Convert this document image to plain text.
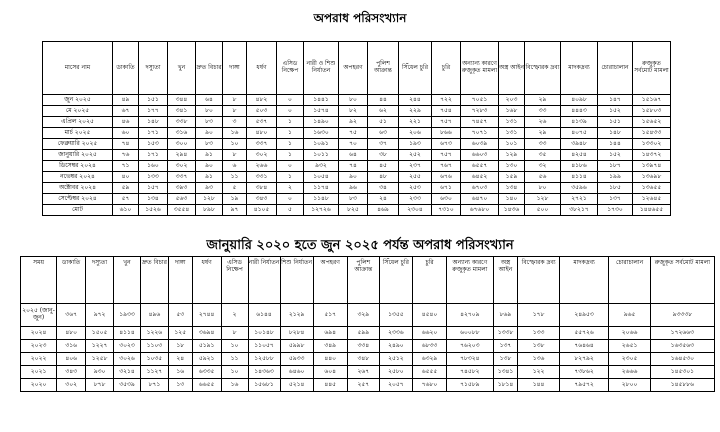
অপরাধ পরিসংখ্যান
মাসের নাম	ডাকাতি	দস্যুতা	খুন	দ্রুত বিচার	দাঙ্গা	ধর্ষণ	এসিড নিক্ষেপ	নারী ও শিশু নির্যাতন	অপহরণ	পুলিশ আক্রান্ত	সিঁধেল চুরি	চুরি	অন্যান্য কারণে রুজুকৃত মামলা	অস্ত্র আইন	বিস্ফোরক দ্রব্য	মাদকদ্রব্য	চোরাচালান	রুজুকৃত সর্বমোট মামলা
জুন ২০২৫	৪৯	১৫১	৩৪৪	৬৪	৮	৪৮২	০	১৪৪১	৮০	৪৪	২৪৪	৭২২	৭০৫১	২০৩	২৯	৪০৯৮	১৪৭	১৫১৬৭
মে ২০২৫	৬৭	১৭৭	৩৪১	৮০	৮	৫০৩	০	১৫৭৪	৮২	৬২	২২৯	৭৫৪	৭২৮৩	১৬৮	৩৩	৪৪৪৩	১৫২	১৫৮০৩
এপ্রিল ২০২৫	৪৬	১৪৮	৩৩৮	৮৩	৩	৫৩৭	১	১৪৯০	৯২	৫১	২২১	৭৫৭	৭৪৫৭	১৩১	২৬	৪১৩৯	১৫১	১৫৬৫২
মার্চ ২০২৫	৬০	১৭১	৩১৬	৯০	১৬	৪৮০	১	১৬৩০	৭৫	৬৩	২০৬	৮৬৬	৭০৭১	১৩১	২৯	৪০৭৫	১৪৮	১৫৪৩৩
ফেব্রুয়ারি ২০২৫	৭৪	১৫৩	৩০০	৮৩	১০	৩৩৭	১	১০৯১	৭০	৩৭	১৯৩	৬৭৩	৬০৩৯	১০১	৩৩	৩৯৪৮	১৪৪	১৩৩০২
জানুয়ারি ২০২৫	৭৬	১৭১	২৯৪	৯১	৮	৩০২	১	১০১১	৬৪	৩৮	২৫২	৭৫৭	৬৬০৩	১২৯	৩৫	৪২৫৪	১৫২	১৪৩৭২
ডিসেম্বর ২০২৪	৭১	১৬০	৩০২	৯০	৬	২৬৬	০	৯৩২	৭৪	৪৫	২৩৭	৭৬৭	৬৫৫৭	১৩০	৩২	৪১৮৬	১৮৭	১৩৯৭৪
নভেম্বর ২০২৪	৪০	১৩৩	৩৩৭	৯১	১১	৩৩১	১	১০৫৪	৯০	৪৮	২৫৫	৬৭৬	৬৪৫২	১৫৯	৫৬	৪১১৪	১৯৯	১৩৬৯৮
অক্টোবর ২০২৪	৫৯	১৫৭	৩৯৩	৯৩	৫	৩৮৪	২	১১৭৪	৯৬	৩৪	২৫৩	৬৭১	৬৭০৩	১৩৪	৮০	৩৫৯৬	১৮৫	১৩৬৫৫
সেপ্টেম্বর ২০২৪	৫৭	১৩৪	৫৬৩	১২৮	১৯	৩৪৩	০	১১৪৮	৮৩	২৪	২৩৩	৬৩০	৬৪৭০	১৪০	১২৮	২৭২১	১৩৭	১২৬৪৫
মোট	৬১০	১৫২৬	৩৫৫৪	৮৯৮	৯৭	৪১০৫	৫	১২৭২৬	৮২৫	৪৬৯	২৩০৪	৭৩১০	৬৭৬৮০	১৪৩৬	৫০০	৩৮২১৭	১৭৩০	১৪৪৬৫৫
জানুয়ারি ২০২০ হতে জুন ২০২৫ পর্যন্ত অপরাধ পরিসংখ্যান
সময়	ডাকাতি	দস্যুতা	খুন	দ্রুত বিচার	দাঙ্গা	ধর্ষণ	এসিড নিক্ষেপ	নারী নির্যাতন	শিশু নির্যাতন	অপহরণ	পুলিশ আক্রান্ত	সিঁধেল চুরি	চুরি	অন্যান্য কারণে রুজুকৃত মামলা	অস্ত্র আইন	বিস্ফোরক দ্রব্য	মাদকদ্রব্য	চোরাচালান	রুজুকৃত সর্বমোট মামলা
২০২৫ (জানু-জুন)	৩৬৭	৯৭২	১৯৩৩	৪৯৬	৫৩	২৭৪৪	২	৬১৪৪	২১২৯	৫১৭	৩২৯	১৩৫৫	৪৫৪০	৪২৭০৯	৮৬৯	১৭৮	২৪৯৫৩	৯৬৫	৯৩৩৩৮
২০২৪	৪৮০	১৫০৫	৪১১৪	১২২৬	১২৫	৩৬৯৪	৮	১০১৪৮	৮২৮৪	৬৯৪	৫৯৯	২৩৩৬	৬৬২০	৬০০৮৮	১৩৩৮	১৩৩	৫৫৭২৬	২০৬৬	১৭২৬৬৩
২০২৩	৩১৬	১২২৭	৩০২৩	১১০৩	১৮	৫১৯১	১০	১১০৫৭	৫৯৯৮	৩৪৯	৩৩৪	২৪৯০	৬৮৩৩	৭৬২০৩	১৩৭	১৩৮	৭৬৪৬৪	২৬৫১	১৬৩৫৬৩
২০২২	৪০৬	১২৫৮	৩০২৬	১০৩৫	২৪	৫৯২১	১১	১২৫৮৮	৫৯৩৩	৪৪০	৩৪৮	২৫১২	৬৩২৯	৭৮৩২৪	১৩৮	১৩৬	৮২৭৯২	২৩০৫	১৬৪৫৩০
২০২১	৩৪৩	৯৩০	৩২১৪	১১২৭	১৬	৬৩৩৫	১০	১৪৩৬৩	৬৪৬০	৬০৪	২৬৭	২৫৮০	৬৫৫৫	৭৪৫৮২	১৩৪১	১২২	৭৩৮৬২	২৬৬৬	১৪৫৩০১
২০২০	৩০২	৮৭৮	৩৫৩৯	৮৭১	১৩	৬৬৫৫	১৬	১৫৬৮১	৫২১৪	৪৪৫	২৫৭	২০৫৭	৭৬৮০	৭১৫৮৯	১৮১৪	১৪৪	৭৯৫৭২	২৮০০	১৪৫৮৮৬
